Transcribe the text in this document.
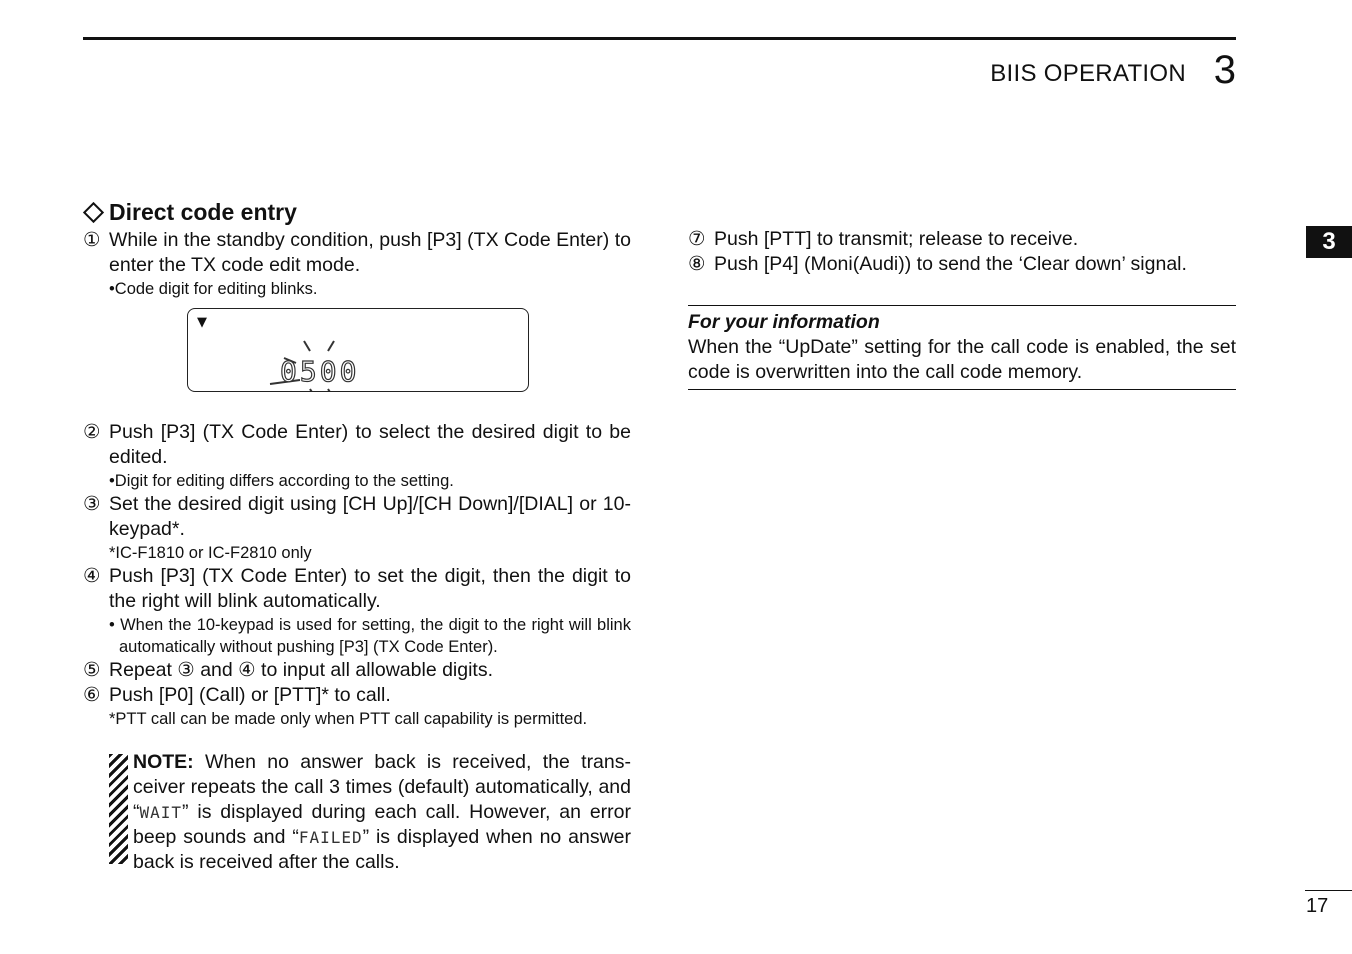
BIIS OPERATION 3
3
Direct code entry
① While in the standby condition, push [P3] (TX Code Enter) to enter the TX code edit mode.
•Code digit for editing blinks.
▼
0500
② Push [P3] (TX Code Enter) to select the desired digit to be edited.
•Digit for editing differs according to the setting.
③ Set the desired digit using [CH Up]/[CH Down]/[DIAL] or 10-keypad*.
*IC-F1810 or IC-F2810 only
④ Push [P3] (TX Code Enter) to set the digit, then the digit to the right will blink automatically.
• When the 10-keypad is used for setting, the digit to the right will blink automatically without pushing [P3] (TX Code Enter).
⑤ Repeat ③ and ④ to input all allowable digits.
⑥ Push [P0] (Call) or [PTT]* to call.
*PTT call can be made only when PTT call capability is permitted.
NOTE: When no answer back is received, the trans-ceiver repeats the call 3 times (default) automatically, and “WAIT” is displayed during each call. However, an error beep sounds and “FAILED” is displayed when no answer back is received after the calls.
⑦ Push [PTT] to transmit; release to receive.
⑧ Push [P4] (Moni(Audi)) to send the ‘Clear down’ signal.
For your information
When the “UpDate” setting for the call code is enabled, the set code is overwritten into the call code memory.
17
